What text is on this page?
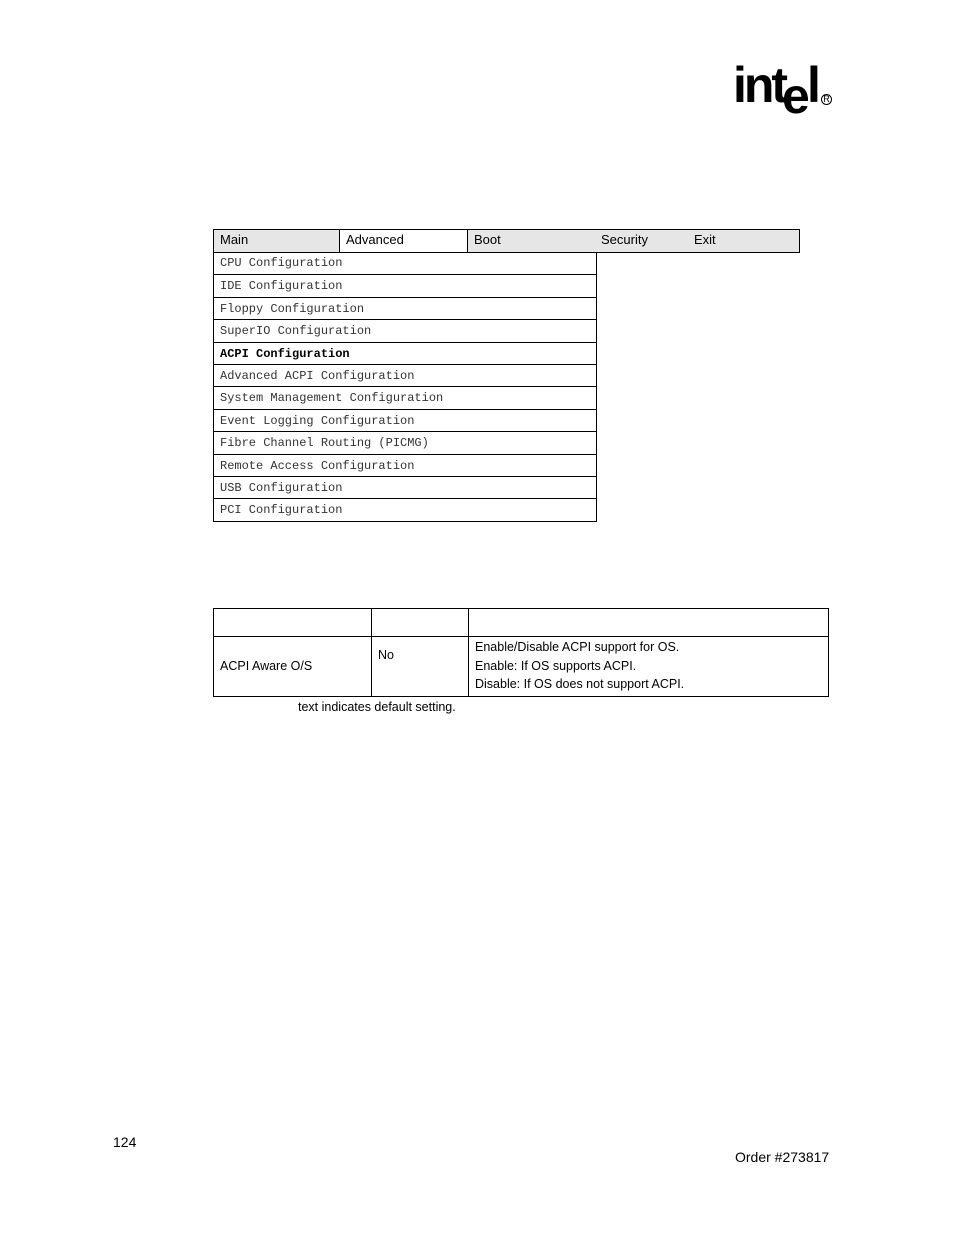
int
e l R
Main	Advanced	Boot	Security	Exit
CPU Configuration
IDE Configuration
Floppy Configuration
SuperIO Configuration
ACPI Configuration
Advanced ACPI Configuration
System Management Configuration
Event Logging Configuration
Fibre Channel Routing (PICMG)
Remote Access Configuration
USB Configuration
PCI Configuration

ACPI Aware O/S	No	Enable/Disable ACPI support for OS.
Enable: If OS supports ACPI.
Disable: If OS does not support ACPI.
text indicates default setting.
124
Order #273817
